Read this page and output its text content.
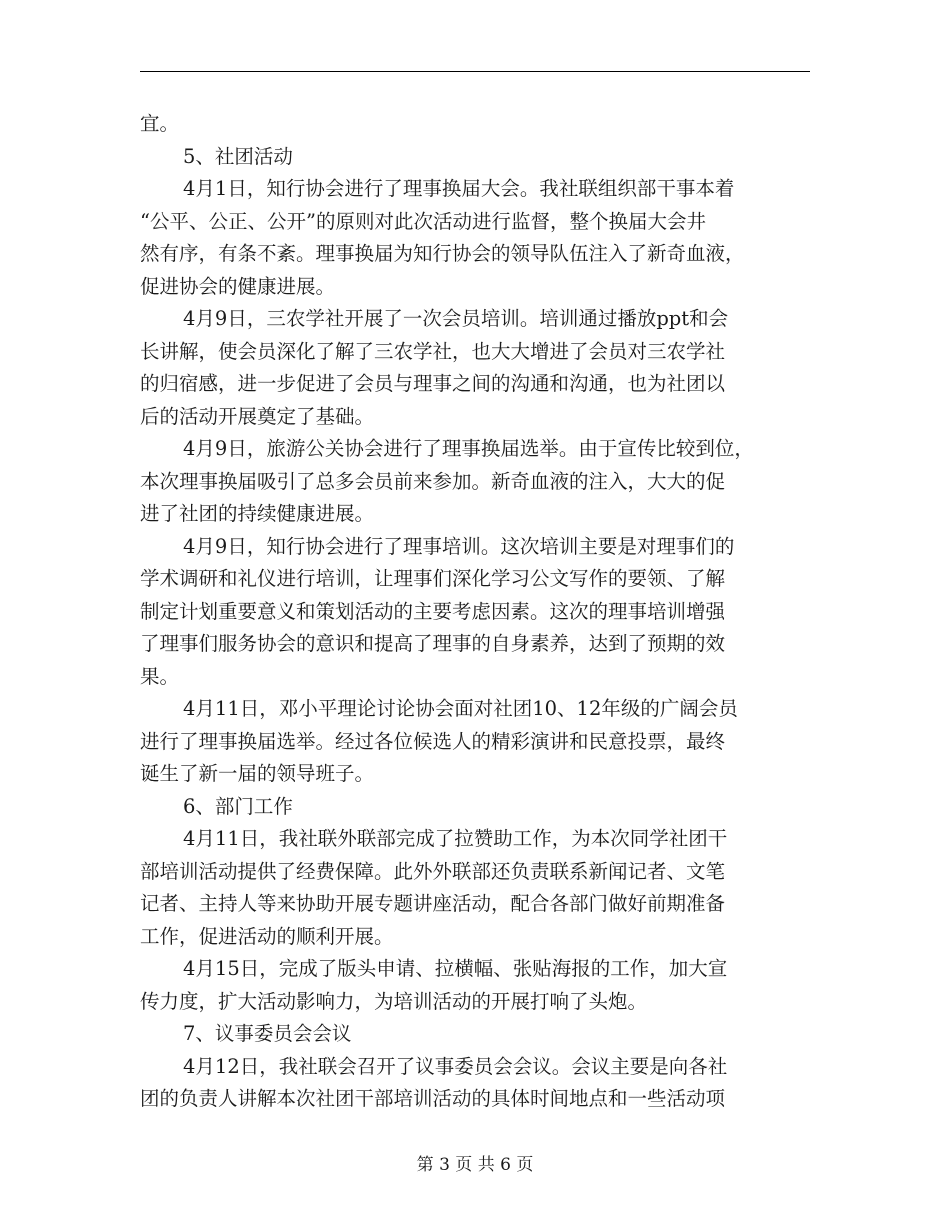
宜。
5、社团活动
4月1日，知行协会进行了理事换届大会。我社联组织部干事本着
“公平、公正、公开”的原则对此次活动进行监督，整个换届大会井
然有序，有条不紊。理事换届为知行协会的领导队伍注入了新奇血液，
促进协会的健康进展。
4月9日，三农学社开展了一次会员培训。培训通过播放ppt和会
长讲解，使会员深化了解了三农学社，也大大增进了会员对三农学社
的归宿感，进一步促进了会员与理事之间的沟通和沟通，也为社团以
后的活动开展奠定了基础。
4月9日，旅游公关协会进行了理事换届选举。由于宣传比较到位，
本次理事换届吸引了总多会员前来参加。新奇血液的注入，大大的促
进了社团的持续健康进展。
4月9日，知行协会进行了理事培训。这次培训主要是对理事们的
学术调研和礼仪进行培训，让理事们深化学习公文写作的要领、了解
制定计划重要意义和策划活动的主要考虑因素。这次的理事培训增强
了理事们服务协会的意识和提高了理事的自身素养，达到了预期的效
果。
4月11日，邓小平理论讨论协会面对社团10、12年级的广阔会员
进行了理事换届选举。经过各位候选人的精彩演讲和民意投票，最终
诞生了新一届的领导班子。
6、部门工作
4月11日，我社联外联部完成了拉赞助工作，为本次同学社团干
部培训活动提供了经费保障。此外外联部还负责联系新闻记者、文笔
记者、主持人等来协助开展专题讲座活动，配合各部门做好前期准备
工作，促进活动的顺利开展。
4月15日，完成了版头申请、拉横幅、张贴海报的工作，加大宣
传力度，扩大活动影响力，为培训活动的开展打响了头炮。
7、议事委员会会议
4月12日，我社联会召开了议事委员会会议。会议主要是向各社
团的负责人讲解本次社团干部培训活动的具体时间地点和一些活动项
第 3 页 共 6 页
